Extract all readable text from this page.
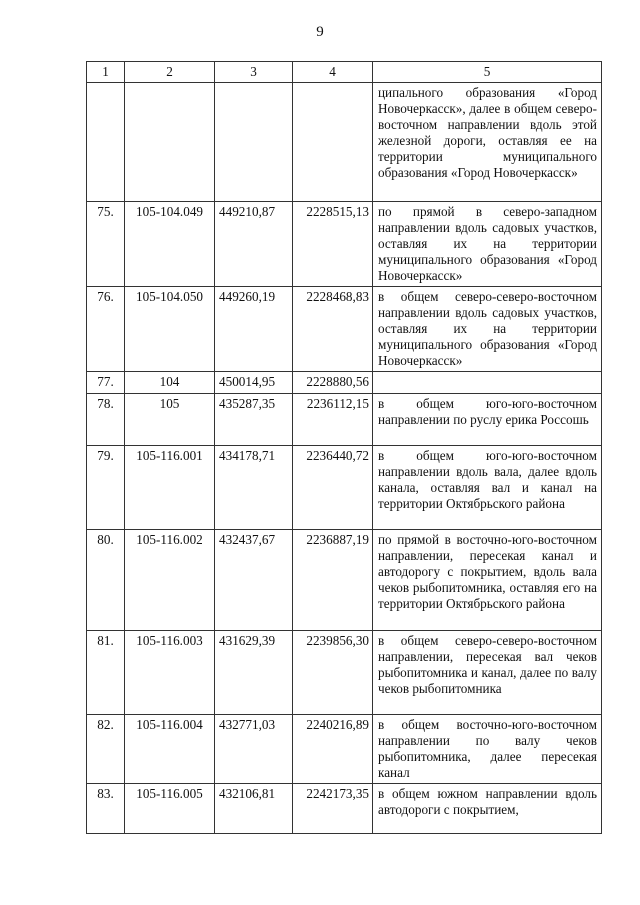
9
1	2	3	4	5
				ципального образования «Город Новочеркасск», далее в общем северо-восточном направлении вдоль этой железной дороги, оставляя ее на территории муниципального образования «Город Новочеркасск»
75.	105-104.049	449210,87	2228515,13	по прямой в северо-западном направлении вдоль садовых участков, оставляя их на территории муниципального образования «Город Новочеркасск»
76.	105-104.050	449260,19	2228468,83	в общем северо-северо-восточном направлении вдоль садовых участков, оставляя их на территории муниципального образования «Город Новочеркасск»
77.	104	450014,95	2228880,56	
78.	105	435287,35	2236112,15	в общем юго-юго-восточном направлении по руслу ерика Россошь
79.	105-116.001	434178,71	2236440,72	в общем юго-юго-восточном направлении вдоль вала, далее вдоль канала, оставляя вал и канал на территории Октябрьского района
80.	105-116.002	432437,67	2236887,19	по прямой в восточно-юго-восточном направлении, пересекая канал и автодорогу с покрытием, вдоль вала чеков рыбопитомника, оставляя его на территории Октябрьского района
81.	105-116.003	431629,39	2239856,30	в общем северо-северо-восточном направлении, пересекая вал чеков рыбопитомника и канал, далее по валу чеков рыбопитомника
82.	105-116.004	432771,03	2240216,89	в общем восточно-юго-восточном направлении по валу чеков рыбопитомника, далее пересекая канал
83.	105-116.005	432106,81	2242173,35	в общем южном направлении вдоль автодороги с покрытием,
